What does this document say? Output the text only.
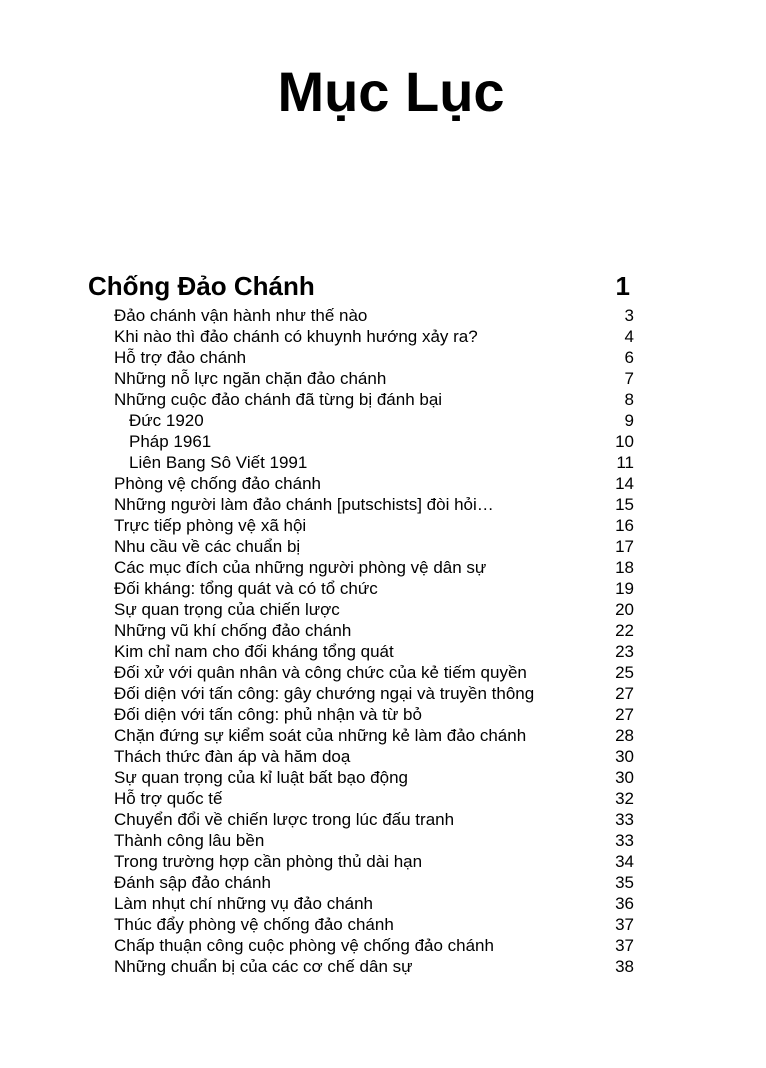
Mục Lục
Chống Đảo Chánh	1
Đảo chánh vận hành như thế nào	3
Khi nào thì đảo chánh có khuynh hướng xảy ra?	4
Hỗ trợ đảo chánh	6
Những nỗ lực ngăn chặn đảo chánh	7
Những cuộc đảo chánh đã từng bị đánh bại	8
Đức 1920	9
Pháp 1961	10
Liên Bang Sô Viết 1991	11
Phòng vệ chống đảo chánh	14
Những người làm đảo chánh [putschists] đòi hỏi…	15
Trực tiếp phòng vệ xã hội	16
Nhu cầu về các chuẩn bị	17
Các mục đích của những người phòng vệ dân sự	18
Đối kháng: tổng quát và có tổ chức	19
Sự quan trọng của chiến lược	20
Những vũ khí chống đảo chánh	22
Kim chỉ nam cho đối kháng tổng quát	23
Đối xử với quân nhân và công chức của kẻ tiếm quyền	25
Đối diện với tấn công: gây chướng ngại và truyền thông	27
Đối diện với tấn công: phủ nhận và từ bỏ	27
Chặn đứng sự kiểm soát của những kẻ làm đảo chánh	28
Thách thức đàn áp và hăm doạ	30
Sự quan trọng của kỉ luật bất bạo động	30
Hỗ trợ quốc tế	32
Chuyển đổi về chiến lược trong lúc đấu tranh	33
Thành công lâu bền	33
Trong trường hợp cần phòng thủ dài hạn	34
Đánh sập đảo chánh	35
Làm nhụt chí những vụ đảo chánh	36
Thúc đẩy phòng vệ chống đảo chánh	37
Chấp thuận công cuộc phòng vệ chống đảo chánh	37
Những chuẩn bị của các cơ chế dân sự	38
